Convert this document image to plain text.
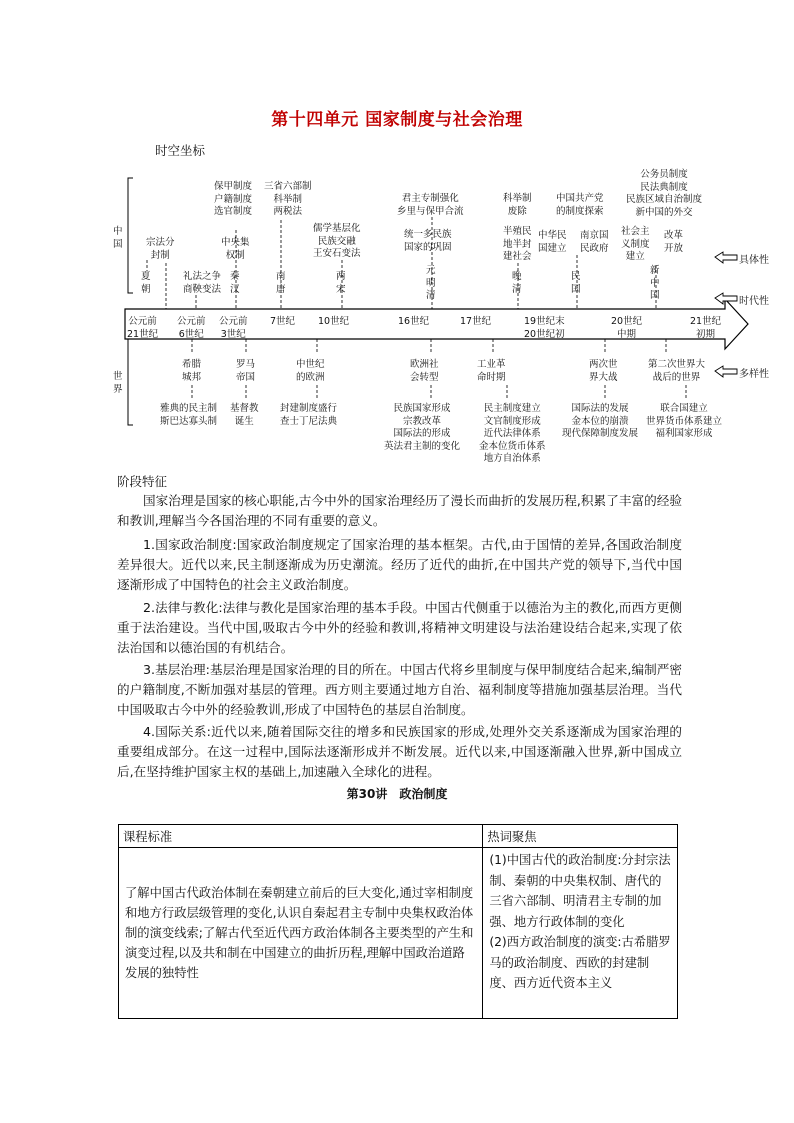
第十四单元 国家制度与社会治理
时空坐标
中
国
世
界
具体性
时代性
多样性
公元前
21世纪
公元前
6世纪
公元前
3世纪
7世纪 10世纪	16世纪	17世纪	19世纪末
20世纪初
20世纪
中期
21世纪
初期
夏
朝
秦
汉
南
唐
两
宋
元
明
清
晚
清
民
国
新
中
国
宗法分
封制
礼法之争
商鞅变法
中央集
权制
保甲制度
户籍制度
选官制度
三省六部制
科举制
两税法
儒学基层化
民族交融
王安石变法
君主专制强化
乡里与保甲合流
统一多民族
国家的巩固
科举制
废除
半殖民
地半封
建社会
中华民
国建立
中国共产党
的制度探索
南京国
民政府
社会主
义制度
建立
公务员制度
民法典制度
民族区域自治制度
新中国的外交
改革
开放
希腊
城邦
罗马
帝国
中世纪
的欧洲
欧洲社
会转型
工业革
命时期
两次世
界大战
第二次世界大
战后的世界
雅典的民主制
斯巴达寡头制
基督教
诞生
封建制度盛行
查士丁尼法典
民族国家形成
宗教改革
国际法的形成
英法君主制的变化
民主制度建立
文官制度形成
近代法律体系
金本位货币体系
地方自治体系
国际法的发展
金本位的崩溃
现代保障制度发展
联合国建立
世界货币体系建立
福利国家形成
阶段特征

国家治理是国家的核心职能,古今中外的国家治理经历了漫长而曲折的发展历程,积累了丰富的经验和教训,理解当今各国治理的不同有重要的意义。

1.国家政治制度:国家政治制度规定了国家治理的基本框架。古代,由于国情的差异,各国政治制度差异很大。近代以来,民主制逐渐成为历史潮流。经历了近代的曲折,在中国共产党的领导下,当代中国逐渐形成了中国特色的社会主义政治制度。

2.法律与教化:法律与教化是国家治理的基本手段。中国古代侧重于以德治为主的教化,而西方更侧重于法治建设。当代中国,吸取古今中外的经验和教训,将精神文明建设与法治建设结合起来,实现了依法治国和以德治国的有机结合。

3.基层治理:基层治理是国家治理的目的所在。中国古代将乡里制度与保甲制度结合起来,编制严密的户籍制度,不断加强对基层的管理。西方则主要通过地方自治、福利制度等措施加强基层治理。当代中国吸取古今中外的经验教训,形成了中国特色的基层自治制度。

4.国际关系:近代以来,随着国际交往的增多和民族国家的形成,处理外交关系逐渐成为国家治理的重要组成部分。在这一过程中,国际法逐渐形成并不断发展。近代以来,中国逐渐融入世界,新中国成立后,在坚持维护国家主权的基础上,加速融入全球化的进程。

第30讲　政治制度
课程标准	热词聚焦
了解中国古代政治体制在秦朝建立前后的巨大变化,通过宰相制度和地方行政层级管理的变化,认识自秦起君主专制中央集权政治体制的演变线索;了解古代至近代西方政治体制各主要类型的产生和演变过程,以及共和制在中国建立的曲折历程,理解中国政治道路发展的独特性	(1)中国古代的政治制度:分封宗法制、秦朝的中央集权制、唐代的三省六部制、明清君主专制的加强、地方行政体制的变化
(2)西方政治制度的演变:古希腊罗马的政治制度、西欧的封建制度、西方近代资本主义
